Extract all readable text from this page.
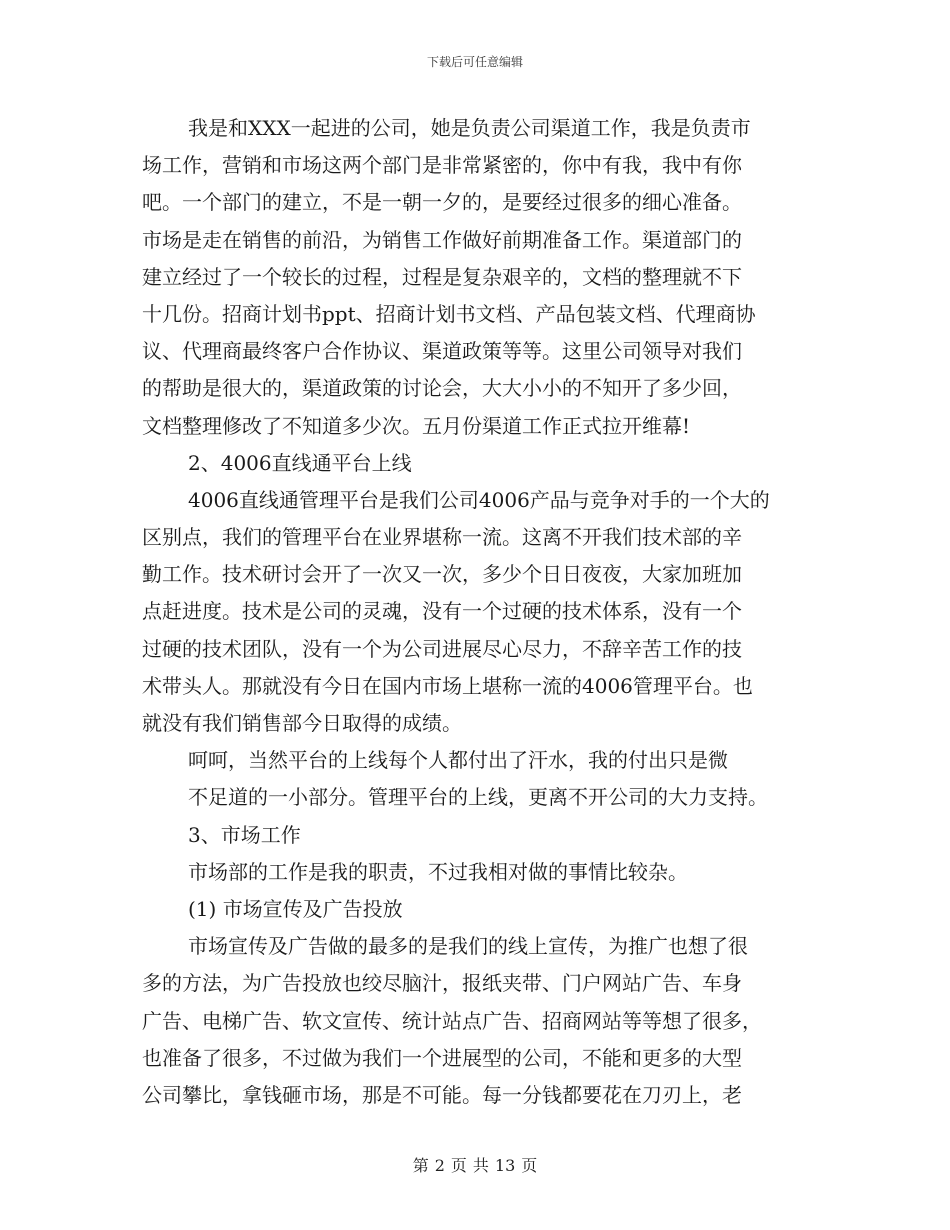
下载后可任意编辑
我是和XXX一起进的公司，她是负责公司渠道工作，我是负责市
场工作，营销和市场这两个部门是非常紧密的，你中有我，我中有你
吧。一个部门的建立，不是一朝一夕的，是要经过很多的细心准备。
市场是走在销售的前沿，为销售工作做好前期准备工作。渠道部门的
建立经过了一个较长的过程，过程是复杂艰辛的，文档的整理就不下
十几份。招商计划书ppt、招商计划书文档、产品包装文档、代理商协
议、代理商最终客户合作协议、渠道政策等等。这里公司领导对我们
的帮助是很大的，渠道政策的讨论会，大大小小的不知开了多少回，
文档整理修改了不知道多少次。五月份渠道工作正式拉开维幕!
2、4006直线通平台上线
4006直线通管理平台是我们公司4006产品与竞争对手的一个大的
区别点，我们的管理平台在业界堪称一流。这离不开我们技术部的辛
勤工作。技术研讨会开了一次又一次，多少个日日夜夜，大家加班加
点赶进度。技术是公司的灵魂，没有一个过硬的技术体系，没有一个
过硬的技术团队，没有一个为公司进展尽心尽力，不辞辛苦工作的技
术带头人。那就没有今日在国内市场上堪称一流的4006管理平台。也
就没有我们销售部今日取得的成绩。
呵呵，当然平台的上线每个人都付出了汗水，我的付出只是微
不足道的一小部分。管理平台的上线，更离不开公司的大力支持。
3、市场工作
市场部的工作是我的职责，不过我相对做的事情比较杂。
(1) 市场宣传及广告投放
市场宣传及广告做的最多的是我们的线上宣传，为推广也想了很
多的方法，为广告投放也绞尽脑汁，报纸夹带、门户网站广告、车身
广告、电梯广告、软文宣传、统计站点广告、招商网站等等想了很多，
也准备了很多，不过做为我们一个进展型的公司，不能和更多的大型
公司攀比，拿钱砸市场，那是不可能。每一分钱都要花在刀刃上，老
第 2 页 共 13 页
